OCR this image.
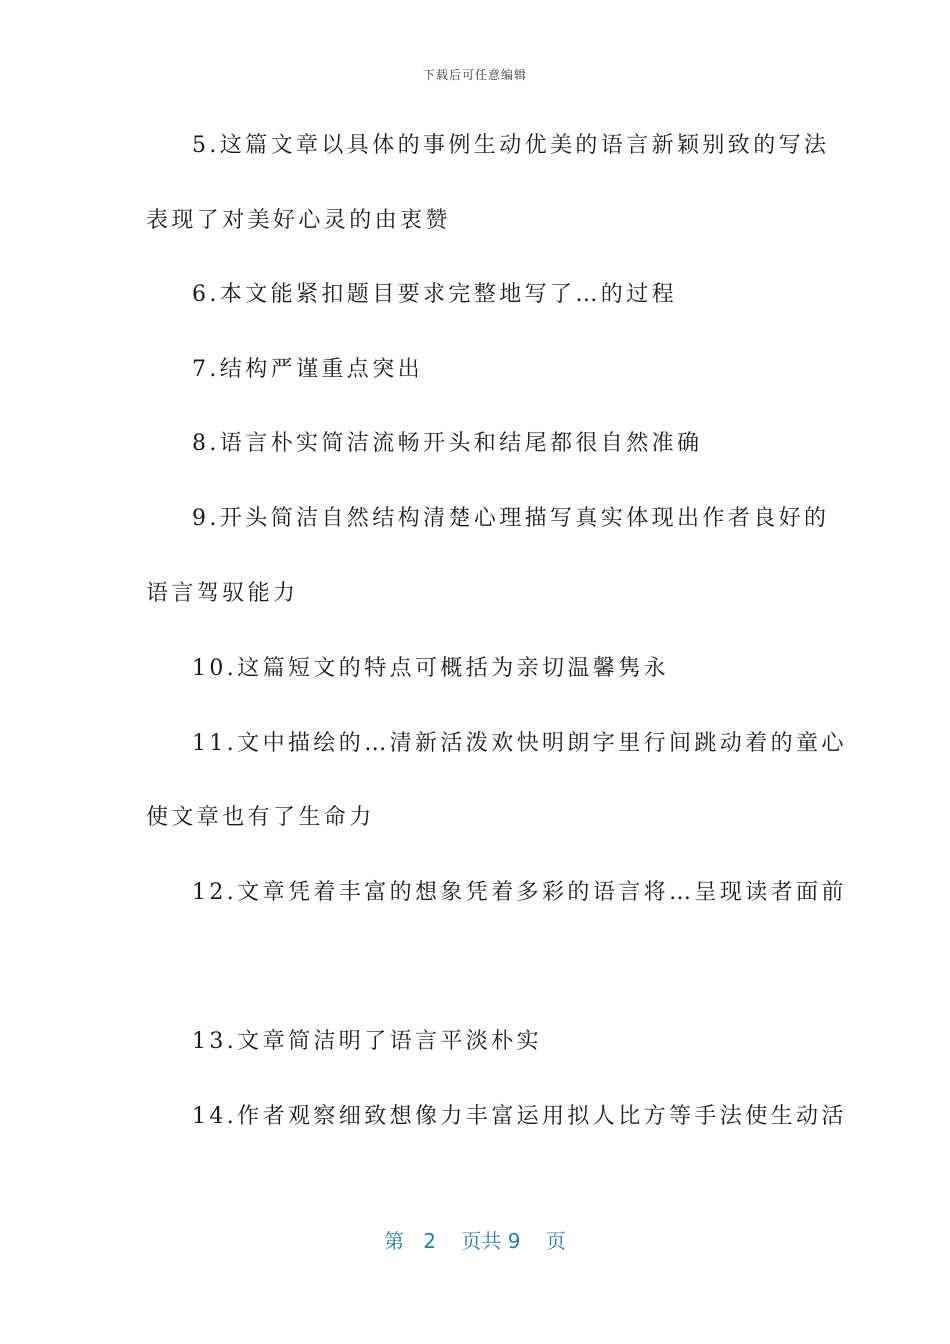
下载后可任意编辑
5.这篇文章以具体的事例生动优美的语言新颖别致的写法
表现了对美好心灵的由衷赞
6.本文能紧扣题目要求完整地写了…的过程
7.结构严谨重点突出
8.语言朴实简洁流畅开头和结尾都很自然准确
9.开头简洁自然结构清楚心理描写真实体现出作者良好的
语言驾驭能力
10.这篇短文的特点可概括为亲切温馨隽永
11.文中描绘的…清新活泼欢快明朗字里行间跳动着的童心
使文章也有了生命力
12.文章凭着丰富的想象凭着多彩的语言将…呈现读者面前
13.文章简洁明了语言平淡朴实
14.作者观察细致想像力丰富运用拟人比方等手法使生动活
第 2 页共 9 页
